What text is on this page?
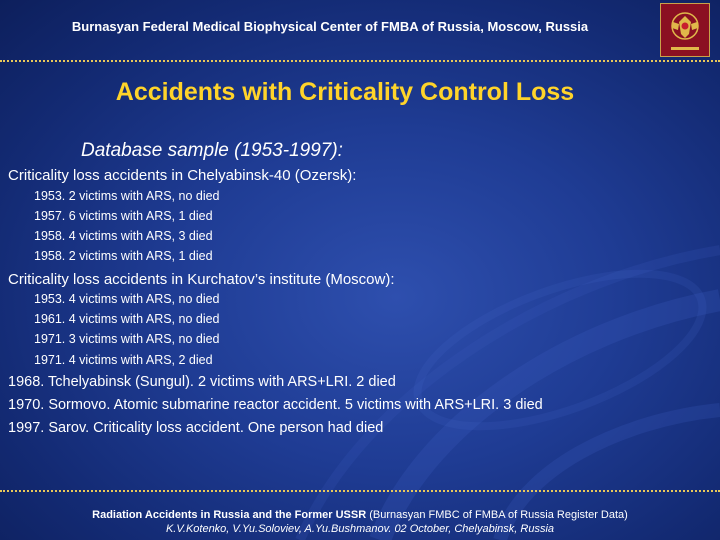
Burnasyan Federal Medical Biophysical Center of FMBA of Russia, Moscow, Russia
Accidents with Criticality Control Loss
Database sample (1953-1997):
Criticality loss accidents in Chelyabinsk-40 (Ozersk):
1953. 2 victims with ARS, no died
1957. 6 victims with ARS, 1 died
1958. 4 victims with ARS, 3 died
1958. 2 victims with ARS, 1 died
Criticality loss accidents in Kurchatov’s institute (Moscow):
1953. 4 victims with ARS, no died
1961. 4 victims with ARS, no died
1971. 3 victims with ARS, no died
1971. 4 victims with ARS, 2 died
1968. Tchelyabinsk (Sungul). 2 victims with ARS+LRI. 2 died
1970. Sormovo. Atomic submarine reactor accident. 5 victims with ARS+LRI. 3 died
1997. Sarov. Criticality loss accident. One person had died
Radiation Accidents in Russia and the Former USSR (Burnasyan FMBC of FMBA of Russia Register Data)
K.V.Kotenko, V.Yu.Soloviev, A.Yu.Bushmanov. 02 October, Chelyabinsk, Russia
